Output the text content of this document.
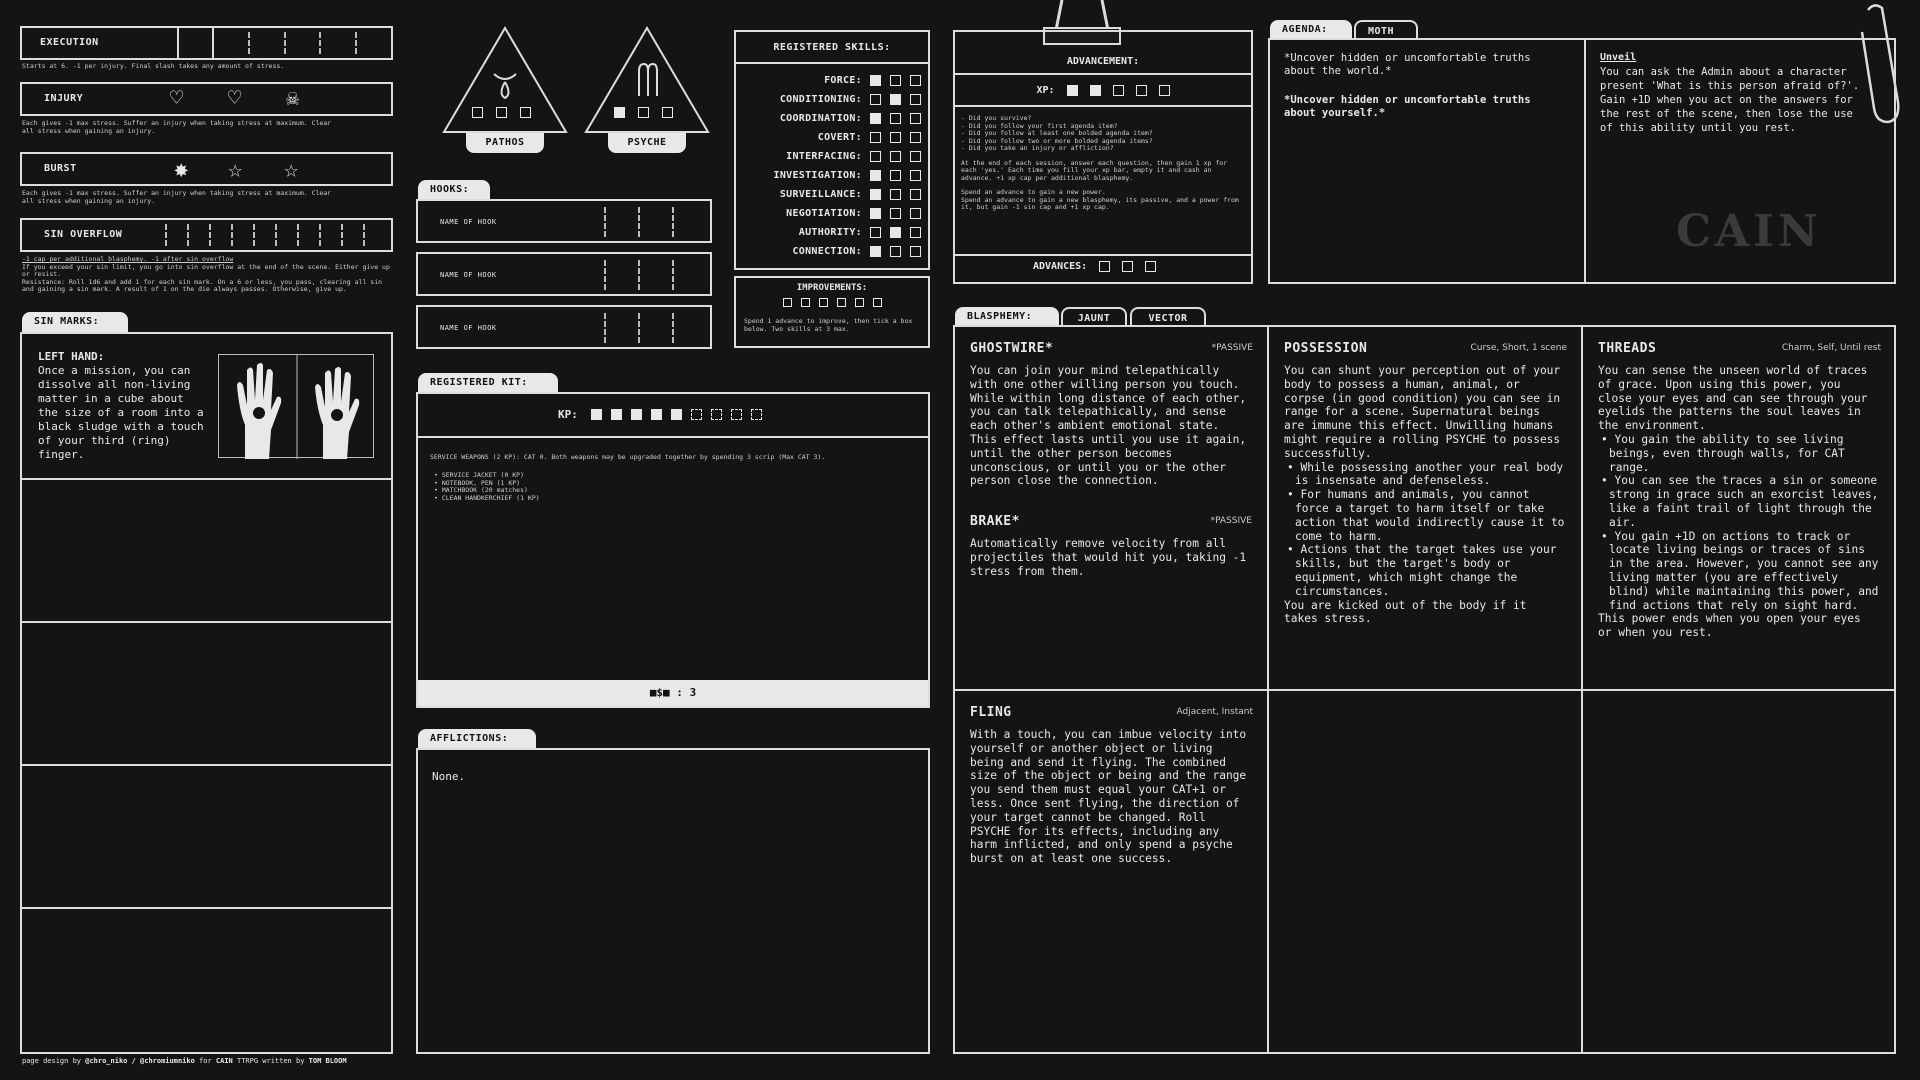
EXECUTION
Starts at 6. -1 per injury. Final slash takes any amount of stress.
INJURY	♡ ♡ ☠
Each gives -1 max stress. Suffer an injury when taking stress at maximum. Clear all stress when gaining an injury.
BURST	✸ ☆ ☆
Each gives -1 max stress. Suffer an injury when taking stress at maximum. Clear all stress when gaining an injury.
SIN OVERFLOW
-1 cap per additional blasphemy. -1 after sin overflow
If you exceed your sin limit, you go into sin overflow at the end of the scene. Either give up or resist.
Resistance: Roll 1d6 and add 1 for each sin mark. On a 6 or less, you pass, clearing all sin and gaining a sin mark. A result of 1 on the die always passes. Otherwise, give up.
SIN MARKS:
LEFT HAND:
Once a mission, you can dissolve all non-living matter in a cube about the size of a room into a black sludge with a touch of your third (ring) finger.
page design by @chro_niko / @chromiumniko for CAIN TTRPG written by TOM BLOOM
PATHOS	PSYCHE
HOOKS:
NAME OF HOOK
NAME OF HOOK
NAME OF HOOK
REGISTERED KIT:
KP:
SERVICE WEAPONS (2 KP): CAT 0. Both weapons may be upgraded together by spending 3 scrip (Max CAT 3).
• SERVICE JACKET (0 KP)
• NOTEBOOK, PEN (1 KP)
• MATCHBOOK (20 matches)
• CLEAN HANDKERCHIEF (1 KP)
■$■ : 3
AFFLICTIONS:
None.
REGISTERED SKILLS:
FORCE:
CONDITIONING:
COORDINATION:
COVERT:
INTERFACING:
INVESTIGATION:
SURVEILLANCE:
NEGOTIATION:
AUTHORITY:
CONNECTION:
IMPROVEMENTS:
Spend 1 advance to improve, then tick a box below. Two skills at 3 max.
ADVANCEMENT:
XP:
- Did you survive?
- Did you follow your first agenda item?
- Did you follow at least one bolded agenda item?
- Did you follow two or more bolded agenda items?
- Did you take an injury or affliction?
At the end of each session, answer each question, then gain 1 xp for each 'yes.' Each time you fill your xp bar, empty it and cash an advance. +1 xp cap per additional blasphemy.
Spend an advance to gain a new power.
Spend an advance to gain a new blasphemy, its passive, and a power from it, but gain -1 sin cap and +1 xp cap.
ADVANCES:
AGENDA:	MOTH
*Uncover hidden or uncomfortable truths about the world.*
*Uncover hidden or uncomfortable truths about yourself.*
CAIN
Unveil
You can ask the Admin about a character present 'What is this person afraid of?'. Gain +1D when you act on the answers for the rest of the scene, then lose the use of this ability until you rest.
BLASPHEMY:	JAUNT	VECTOR
GHOSTWIRE*	*PASSIVE
You can join your mind telepathically with one other willing person you touch. While within long distance of each other, you can talk telepathically, and sense each other's ambient emotional state. This effect lasts until you use it again, until the other person becomes unconscious, or until you or the other person close the connection.
BRAKE*	*PASSIVE
Automatically remove velocity from all projectiles that would hit you, taking -1 stress from them.
POSSESSION	Curse, Short, 1 scene
You can shunt your perception out of your body to possess a human, animal, or corpse (in good condition) you can see in range for a scene. Supernatural beings are immune this effect. Unwilling humans might require a rolling PSYCHE to possess successfully.
• While possessing another your real body is insensate and defenseless.
• For humans and animals, you cannot force a target to harm itself or take action that would indirectly cause it to come to harm.
• Actions that the target takes use your skills, but the target's body or equipment, which might change the circumstances.
You are kicked out of the body if it takes stress.
THREADS	Charm, Self, Until rest
You can sense the unseen world of traces of grace. Upon using this power, you close your eyes and can see through your eyelids the patterns the soul leaves in the environment.
• You gain the ability to see living beings, even through walls, for CAT range.
• You can see the traces a sin or someone strong in grace such an exorcist leaves, like a faint trail of light through the air.
• You gain +1D on actions to track or locate living beings or traces of sins in the area. However, you cannot see any living matter (you are effectively blind) while maintaining this power, and find actions that rely on sight hard.
This power ends when you open your eyes or when you rest.
FLING	Adjacent, Instant
With a touch, you can imbue velocity into yourself or another object or living being and send it flying. The combined size of the object or being and the range you send them must equal your CAT+1 or less. Once sent flying, the direction of your target cannot be changed. Roll PSYCHE for its effects, including any harm inflicted, and only spend a psyche burst on at least one success.
